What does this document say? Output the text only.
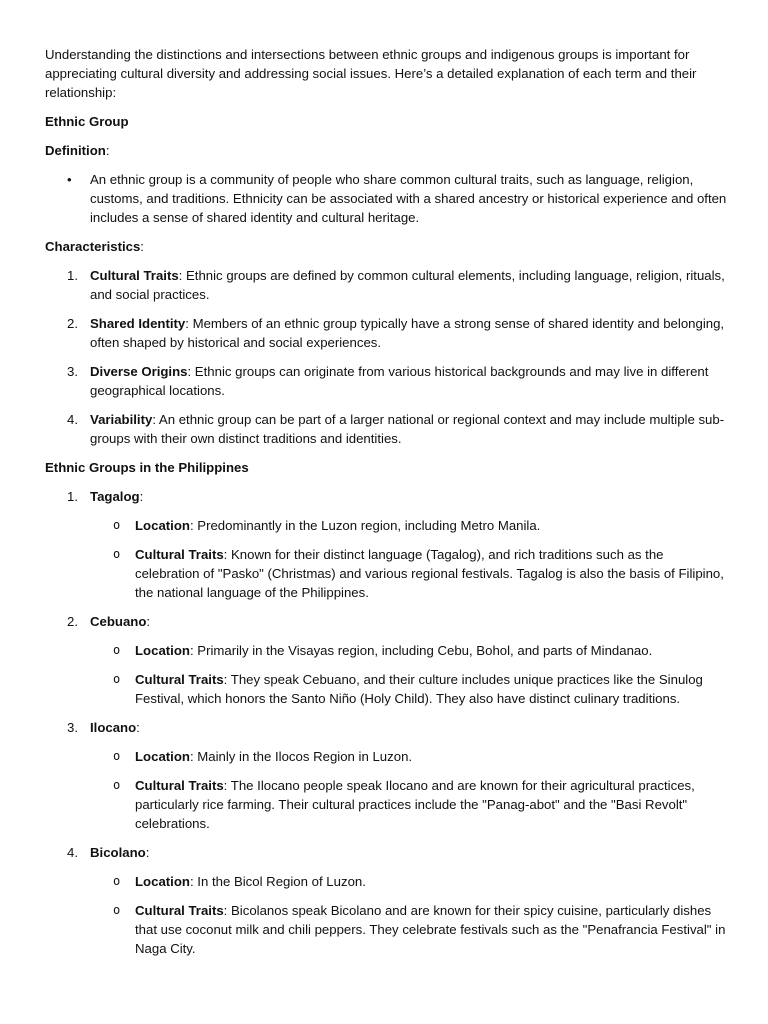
Understanding the distinctions and intersections between ethnic groups and indigenous groups is important for appreciating cultural diversity and addressing social issues. Here’s a detailed explanation of each term and their relationship:

Ethnic Group

Definition:

• An ethnic group is a community of people who share common cultural traits, such as language, religion, customs, and traditions. Ethnicity can be associated with a shared ancestry or historical experience and often includes a sense of shared identity and cultural heritage.

Characteristics:

1. Cultural Traits: Ethnic groups are defined by common cultural elements, including language, religion, rituals, and social practices.
2. Shared Identity: Members of an ethnic group typically have a strong sense of shared identity and belonging, often shaped by historical and social experiences.
3. Diverse Origins: Ethnic groups can originate from various historical backgrounds and may live in different geographical locations.
4. Variability: An ethnic group can be part of a larger national or regional context and may include multiple sub-groups with their own distinct traditions and identities.
Ethnic Groups in the Philippines
1. Tagalog:
o Location: Predominantly in the Luzon region, including Metro Manila.
o Cultural Traits: Known for their distinct language (Tagalog), and rich traditions such as the celebration of "Pasko" (Christmas) and various regional festivals. Tagalog is also the basis of Filipino, the national language of the Philippines.
2. Cebuano:
o Location: Primarily in the Visayas region, including Cebu, Bohol, and parts of Mindanao.
o Cultural Traits: They speak Cebuano, and their culture includes unique practices like the Sinulog Festival, which honors the Santo Niño (Holy Child). They also have distinct culinary traditions.
3. Ilocano:
o Location: Mainly in the Ilocos Region in Luzon.
o Cultural Traits: The Ilocano people speak Ilocano and are known for their agricultural practices, particularly rice farming. Their cultural practices include the "Panag-abot" and the "Basi Revolt" celebrations.
4. Bicolano:
o Location: In the Bicol Region of Luzon.
o Cultural Traits: Bicolanos speak Bicolano and are known for their spicy cuisine, particularly dishes that use coconut milk and chili peppers. They celebrate festivals such as the "Penafrancia Festival" in Naga City.
